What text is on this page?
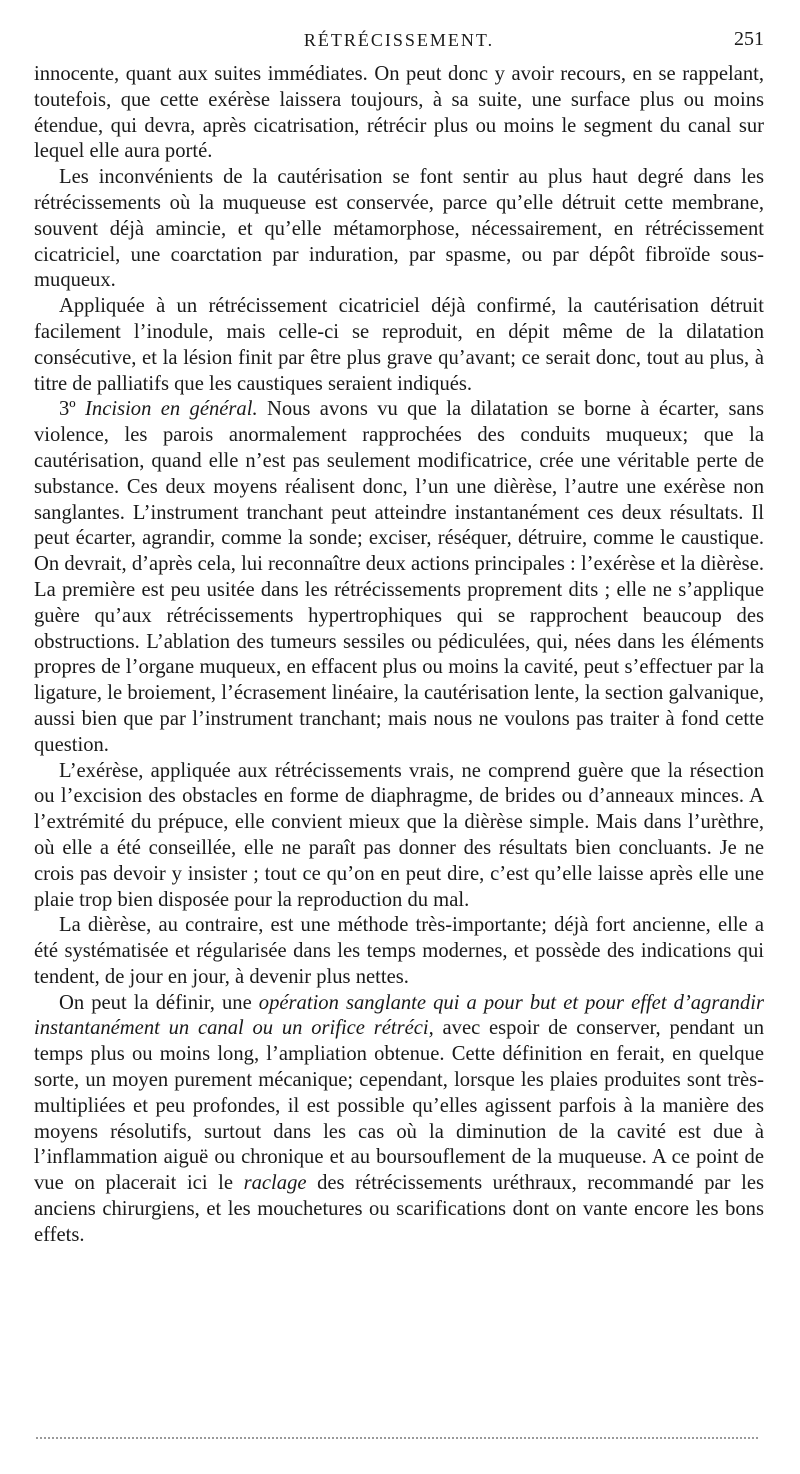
RÉTRÉCISSEMENT.	251

innocente, quant aux suites immédiates. On peut donc y avoir recours, en se rappelant, toutefois, que cette exérèse laissera toujours, à sa suite, une surface plus ou moins étendue, qui devra, après cicatrisation, rétrécir plus ou moins le segment du canal sur lequel elle aura porté.

Les inconvénients de la cautérisation se font sentir au plus haut degré dans les rétrécissements où la muqueuse est conservée, parce qu’elle détruit cette membrane, souvent déjà amincie, et qu’elle métamorphose, nécessairement, en rétrécissement cicatriciel, une coarctation par induration, par spasme, ou par dépôt fibroïde sous-muqueux.

Appliquée à un rétrécissement cicatriciel déjà confirmé, la cautérisation détruit facilement l’inodule, mais celle-ci se reproduit, en dépit même de la dilatation consécutive, et la lésion finit par être plus grave qu’avant; ce serait donc, tout au plus, à titre de palliatifs que les caustiques seraient indiqués.

3º Incision en général. Nous avons vu que la dilatation se borne à écarter, sans violence, les parois anormalement rapprochées des conduits muqueux; que la cautérisation, quand elle n’est pas seulement modificatrice, crée une véritable perte de substance. Ces deux moyens réalisent donc, l’un une dièrèse, l’autre une exérèse non sanglantes. L’instrument tranchant peut atteindre instantanément ces deux résultats. Il peut écarter, agrandir, comme la sonde; exciser, réséquer, détruire, comme le caustique. On devrait, d’après cela, lui reconnaître deux actions principales : l’exérèse et la dièrèse. La première est peu usitée dans les rétrécissements proprement dits ; elle ne s’applique guère qu’aux rétrécissements hypertrophiques qui se rapprochent beaucoup des obstructions. L’ablation des tumeurs sessiles ou pédiculées, qui, nées dans les éléments propres de l’organe muqueux, en effacent plus ou moins la cavité, peut s’effectuer par la ligature, le broiement, l’écrasement linéaire, la cautérisation lente, la section galvanique, aussi bien que par l’instrument tranchant; mais nous ne voulons pas traiter à fond cette question.

L’exérèse, appliquée aux rétrécissements vrais, ne comprend guère que la résection ou l’excision des obstacles en forme de diaphragme, de brides ou d’anneaux minces. A l’extrémité du prépuce, elle convient mieux que la dièrèse simple. Mais dans l’urèthre, où elle a été conseillée, elle ne paraît pas donner des résultats bien concluants. Je ne crois pas devoir y insister ; tout ce qu’on en peut dire, c’est qu’elle laisse après elle une plaie trop bien disposée pour la reproduction du mal.

La dièrèse, au contraire, est une méthode très-importante; déjà fort ancienne, elle a été systématisée et régularisée dans les temps modernes, et possède des indications qui tendent, de jour en jour, à devenir plus nettes.

On peut la définir, une opération sanglante qui a pour but et pour effet d’agrandir instantanément un canal ou un orifice rétréci, avec espoir de conserver, pendant un temps plus ou moins long, l’ampliation obtenue. Cette définition en ferait, en quelque sorte, un moyen purement mécanique; cependant, lorsque les plaies produites sont très-multipliées et peu profondes, il est possible qu’elles agissent parfois à la manière des moyens résolutifs, surtout dans les cas où la diminution de la cavité est due à l’inflammation aiguë ou chronique et au boursouflement de la muqueuse. A ce point de vue on placerait ici le raclage des rétrécissements uréthraux, recommandé par les anciens chirurgiens, et les mouchetures ou scarifications dont on vante encore les bons effets.
